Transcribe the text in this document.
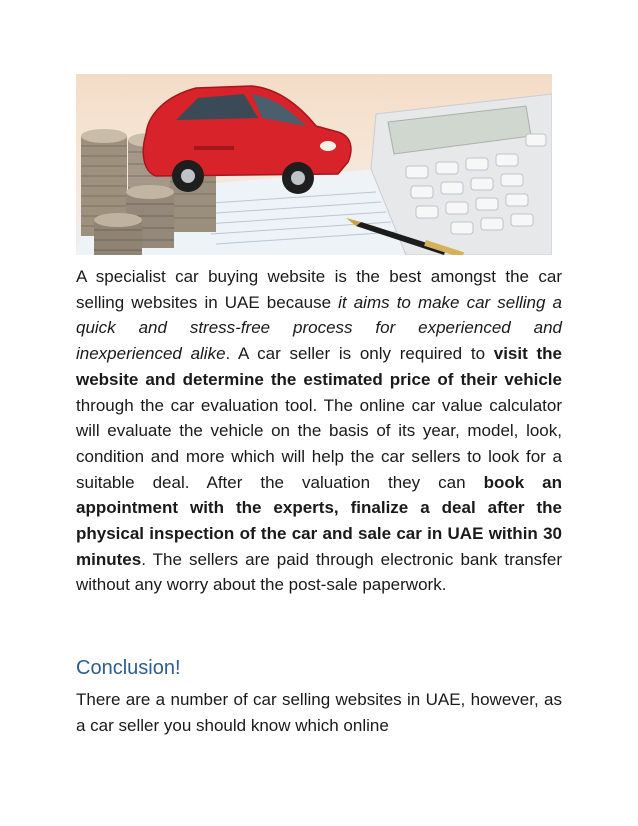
A specialist car buying website is the best amongst the car selling websites in UAE because it aims to make car selling a quick and stress-free process for experienced and inexperienced alike. A car seller is only required to visit the website and determine the estimated price of their vehicle through the car evaluation tool. The online car value calculator will evaluate the vehicle on the basis of its year, model, look, condition and more which will help the car sellers to look for a suitable deal. After the valuation they can book an appointment with the experts, finalize a deal after the physical inspection of the car and sale car in UAE within 30 minutes. The sellers are paid through electronic bank transfer without any worry about the post-sale paperwork.

Conclusion!

There are a number of car selling websites in UAE, however, as a car seller you should know which online
